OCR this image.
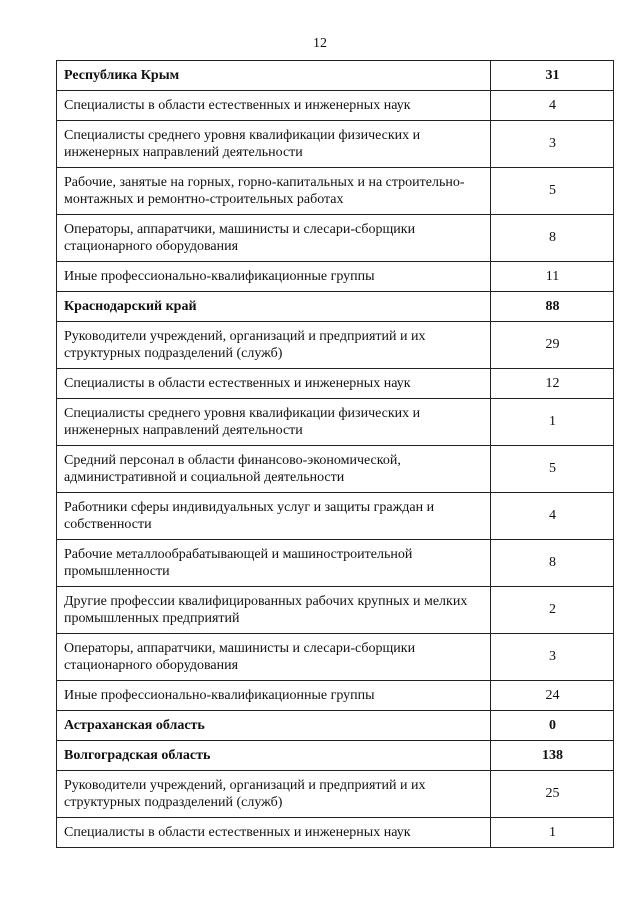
12
Республика Крым	31
Специалисты в области естественных и инженерных наук	4
Специалисты среднего уровня квалификации физических и инженерных направлений деятельности	3
Рабочие, занятые на горных, горно-капитальных и на строительно-монтажных и ремонтно-строительных работах	5
Операторы, аппаратчики, машинисты и слесари-сборщики стационарного оборудования	8
Иные профессионально-квалификационные группы	11
Краснодарский край	88
Руководители учреждений, организаций и предприятий и их структурных подразделений (служб)	29
Специалисты в области естественных и инженерных наук	12
Специалисты среднего уровня квалификации физических и инженерных направлений деятельности	1
Средний персонал в области финансово-экономической, административной и социальной деятельности	5
Работники сферы индивидуальных услуг и защиты граждан и собственности	4
Рабочие металлообрабатывающей и машиностроительной промышленности	8
Другие профессии квалифицированных рабочих крупных и мелких промышленных предприятий	2
Операторы, аппаратчики, машинисты и слесари-сборщики стационарного оборудования	3
Иные профессионально-квалификационные группы	24
Астраханская область	0
Волгоградская область	138
Руководители учреждений, организаций и предприятий и их структурных подразделений (служб)	25
Специалисты в области естественных и инженерных наук	1
